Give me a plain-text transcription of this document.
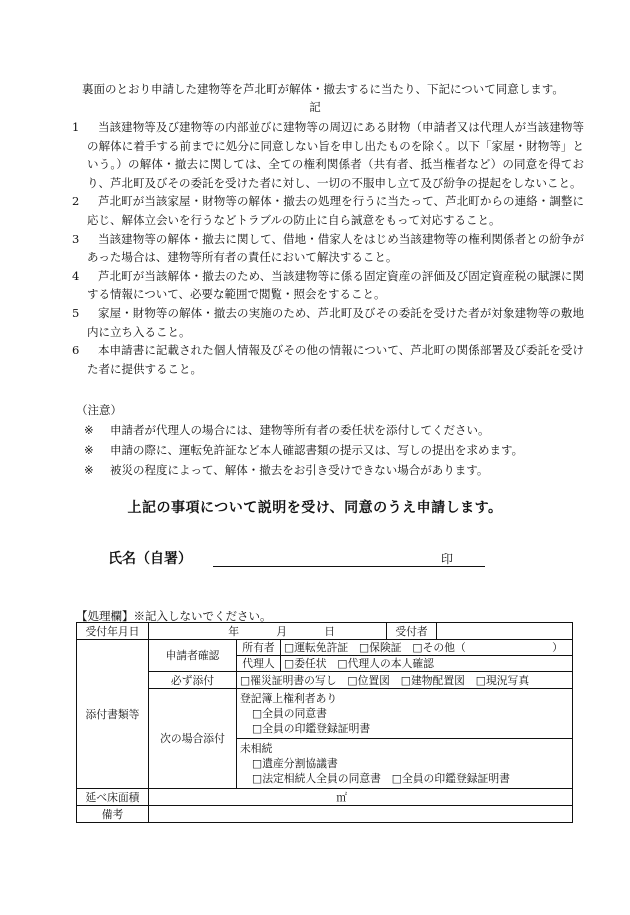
裏面のとおり申請した建物等を芦北町が解体・撤去するに当たり、下記について同意します。
記
1	当該建物等及び建物等の内部並びに建物等の周辺にある財物（申請者又は代理人が当該建物等の解体に着手する前までに処分に同意しない旨を申し出たものを除く。以下「家屋・財物等」という。）の解体・撤去に関しては、全ての権利関係者（共有者、抵当権者など）の同意を得ており、芦北町及びその委託を受けた者に対し、一切の不服申し立て及び紛争の提起をしないこと。
2	芦北町が当該家屋・財物等の解体・撤去の処理を行うに当たって、芦北町からの連絡・調整に応じ、解体立会いを行うなどトラブルの防止に自ら誠意をもって対応すること。
3	当該建物等の解体・撤去に関して、借地・借家人をはじめ当該建物等の権利関係者との紛争があった場合は、建物等所有者の責任において解決すること。
4	芦北町が当該解体・撤去のため、当該建物等に係る固定資産の評価及び固定資産税の賦課に関する情報について、必要な範囲で閲覧・照会をすること。
5	家屋・財物等の解体・撤去の実施のため、芦北町及びその委託を受けた者が対象建物等の敷地内に立ち入ること。
6	本申請書に記載された個人情報及びその他の情報について、芦北町の関係部署及び委託を受けた者に提供すること。
（注意）
※	申請者が代理人の場合には、建物等所有者の委任状を添付してください。
※	申請の際に、運転免許証など本人確認書類の提示又は、写しの提出を求めます。
※	被災の程度によって、解体・撤去をお引き受けできない場合があります。
上記の事項について説明を受け、同意のうえ申請します。
氏名（自署）	印
【処理欄】※記入しないでください。
受付年月日	年 月 日			受付者	
添付書類等	申請者確認	所有者	□運転免許証　□保険証　□その他（　　　　　　　　）		
		代理人	□委任状　□代理人の本人確認		
	必ず添付	□罹災証明書の写し　□位置図　□建物配置図　□現況写真			
	次の場合添付	登記簿上権利者あり
□全員の同意書
□全員の印鑑登録証明書			

		未相続
□遺産分割協議書
□法定相続人全員の同意書　□全員の印鑑登録証明書			

延べ床面積	㎡				
備考					
